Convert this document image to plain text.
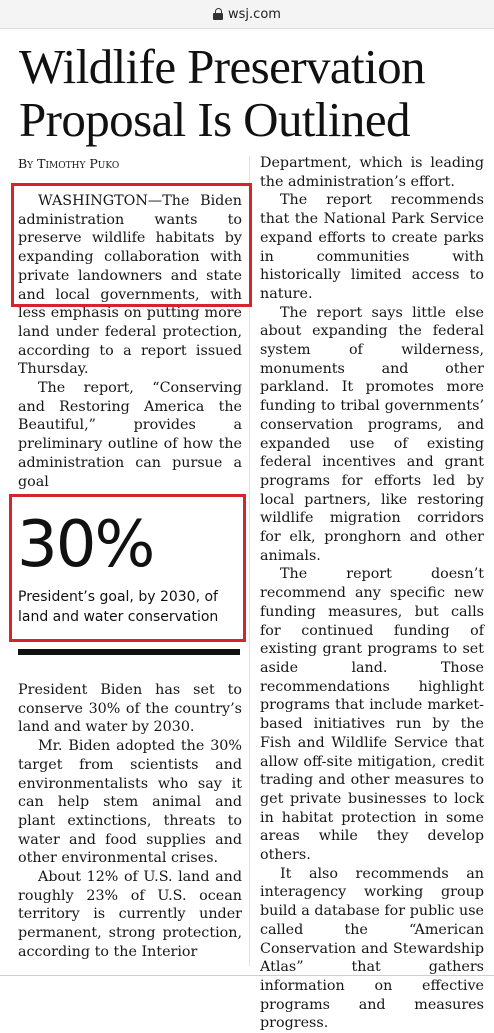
wsj.com
Wildlife Preservation Proposal Is Outlined
By Timothy Puko

WASHINGTON—The Biden administration wants to preserve wildlife habitats by expanding collaboration with private landowners and state and local governments, with less emphasis on putting more land under federal protection, according to a report issued Thursday.

The report, “Conserving and Restoring America the Beautiful,” provides a preliminary outline of how the administration can pursue a goal

30%
President’s goal, by 2030, of land and water conservation

President Biden has set to conserve 30% of the country’s land and water by 2030.

Mr. Biden adopted the 30% target from scientists and environmentalists who say it can help stem animal and plant extinctions, threats to water and food supplies and other environmental crises.

About 12% of U.S. land and roughly 23% of U.S. ocean territory is currently under permanent, strong protection, according to the Interior

Department, which is leading the administration’s effort.

The report recommends that the National Park Service expand efforts to create parks in communities with historically limited access to nature.

The report says little else about expanding the federal system of wilderness, monuments and other parkland. It promotes more funding to tribal governments’ conservation programs, and expanded use of existing federal incentives and grant programs for efforts led by local partners, like restoring wildlife migration corridors for elk, pronghorn and other animals.

The report doesn’t recommend any specific new funding measures, but calls for continued funding of existing grant programs to set aside land. Those recommendations highlight programs that include market-based initiatives run by the Fish and Wildlife Service that allow off-site mitigation, credit trading and other measures to get private businesses to lock in habitat protection in some areas while they develop others.

It also recommends an interagency working group build a database for public use called the “American Conservation and Stewardship Atlas” that gathers information on effective programs and measures progress.
